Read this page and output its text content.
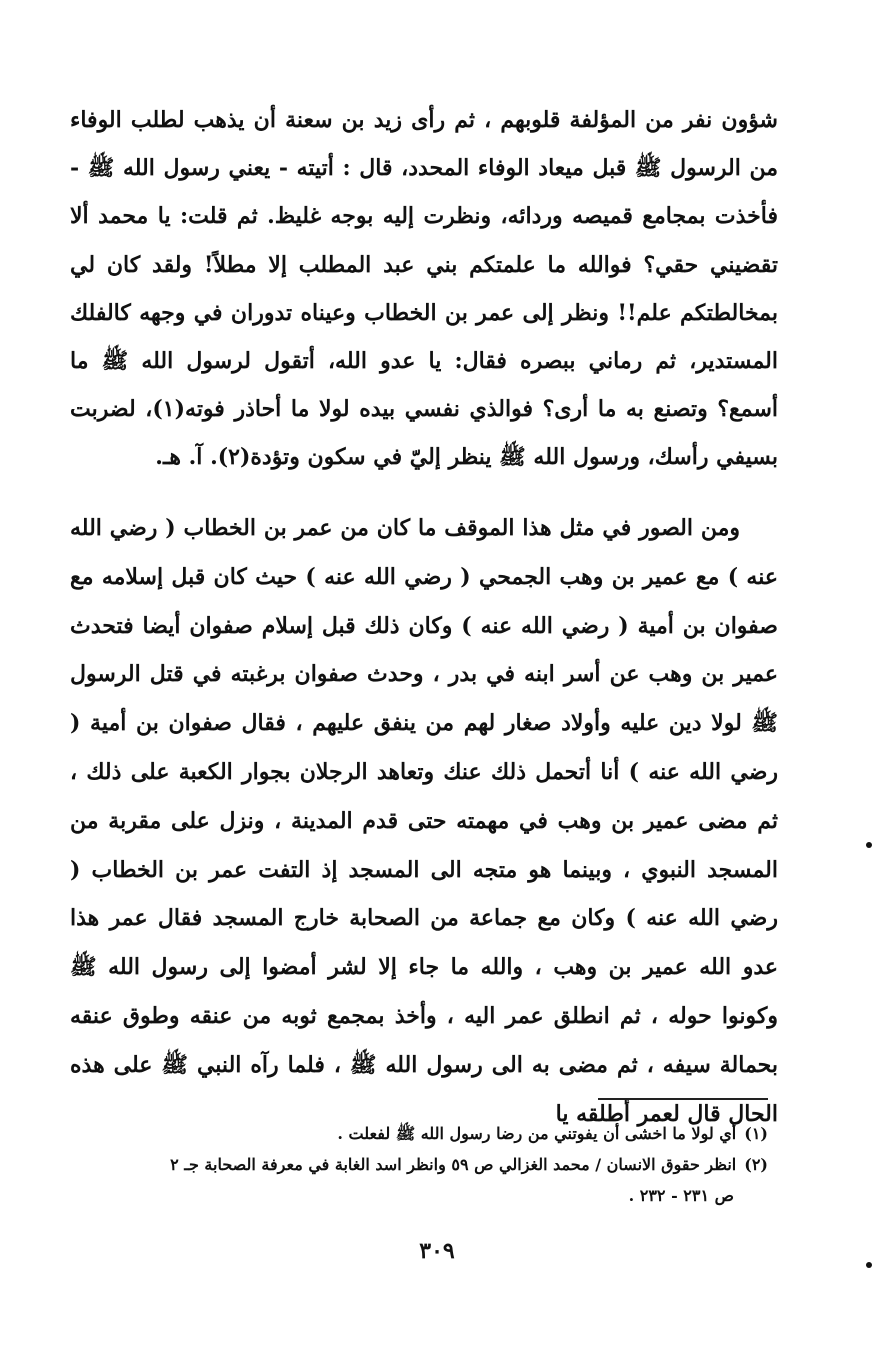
شؤون نفر من المؤلفة قلوبهم ، ثم رأى زيد بن سعنة أن يذهب لطلب الوفاء من الرسول ﷺ قبل ميعاد الوفاء المحدد، قال : أتيته - يعني رسول الله ﷺ - فأخذت بمجامع قميصه وردائه، ونظرت إليه بوجه غليظ. ثم قلت: يا محمد ألا تقضيني حقي؟ فوالله ما علمتكم بني عبد المطلب إلا مطلاً! ولقد كان لي بمخالطتكم علم!! ونظر إلى عمر بن الخطاب وعيناه تدوران في وجهه كالفلك المستدير، ثم رماني ببصره فقال: يا عدو الله، أتقول لرسول الله ﷺ ما أسمع؟ وتصنع به ما أرى؟ فوالذي نفسي بيده لولا ما أحاذر فوته(١)، لضربت بسيفي رأسك، ورسول الله ﷺ ينظر إليّ في سكون وتؤدة(٢). آ. هـ.

ومن الصور في مثل هذا الموقف ما كان من عمر بن الخطاب ( رضي الله عنه ) مع عمير بن وهب الجمحي ( رضي الله عنه ) حيث كان قبل إسلامه مع صفوان بن أمية ( رضي الله عنه ) وكان ذلك قبل إسلام صفوان أيضا فتحدث عمير بن وهب عن أسر ابنه في بدر ، وحدث صفوان برغبته في قتل الرسول ﷺ لولا دين عليه وأولاد صغار لهم من ينفق عليهم ، فقال صفوان بن أمية ( رضي الله عنه ) أنا أتحمل ذلك عنك وتعاهد الرجلان بجوار الكعبة على ذلك ، ثم مضى عمير بن وهب في مهمته حتى قدم المدينة ، ونزل على مقربة من المسجد النبوي ، وبينما هو متجه الى المسجد إذ التفت عمر بن الخطاب ( رضي الله عنه ) وكان مع جماعة من الصحابة خارج المسجد فقال عمر هذا عدو الله عمير بن وهب ، والله ما جاء إلا لشر أمضوا إلى رسول الله ﷺ وكونوا حوله ، ثم انطلق عمر اليه ، وأخذ بمجمع ثوبه من عنقه وطوق عنقه بحمالة سيفه ، ثم مضى به الى رسول الله ﷺ ، فلما رآه النبي ﷺ على هذه الحال قال لعمر أطلقه يا

(١)أي لولا ما اخشى أن يفوتني من رضا رسول الله ﷺ لفعلت .

(٢)انظر حقوق الانسان / محمد الغزالي ص ٥٩ وانظر اسد الغابة في معرفة الصحابة جـ ٢

ص ٢٣١ - ٢٣٢ .

٣٠٩
